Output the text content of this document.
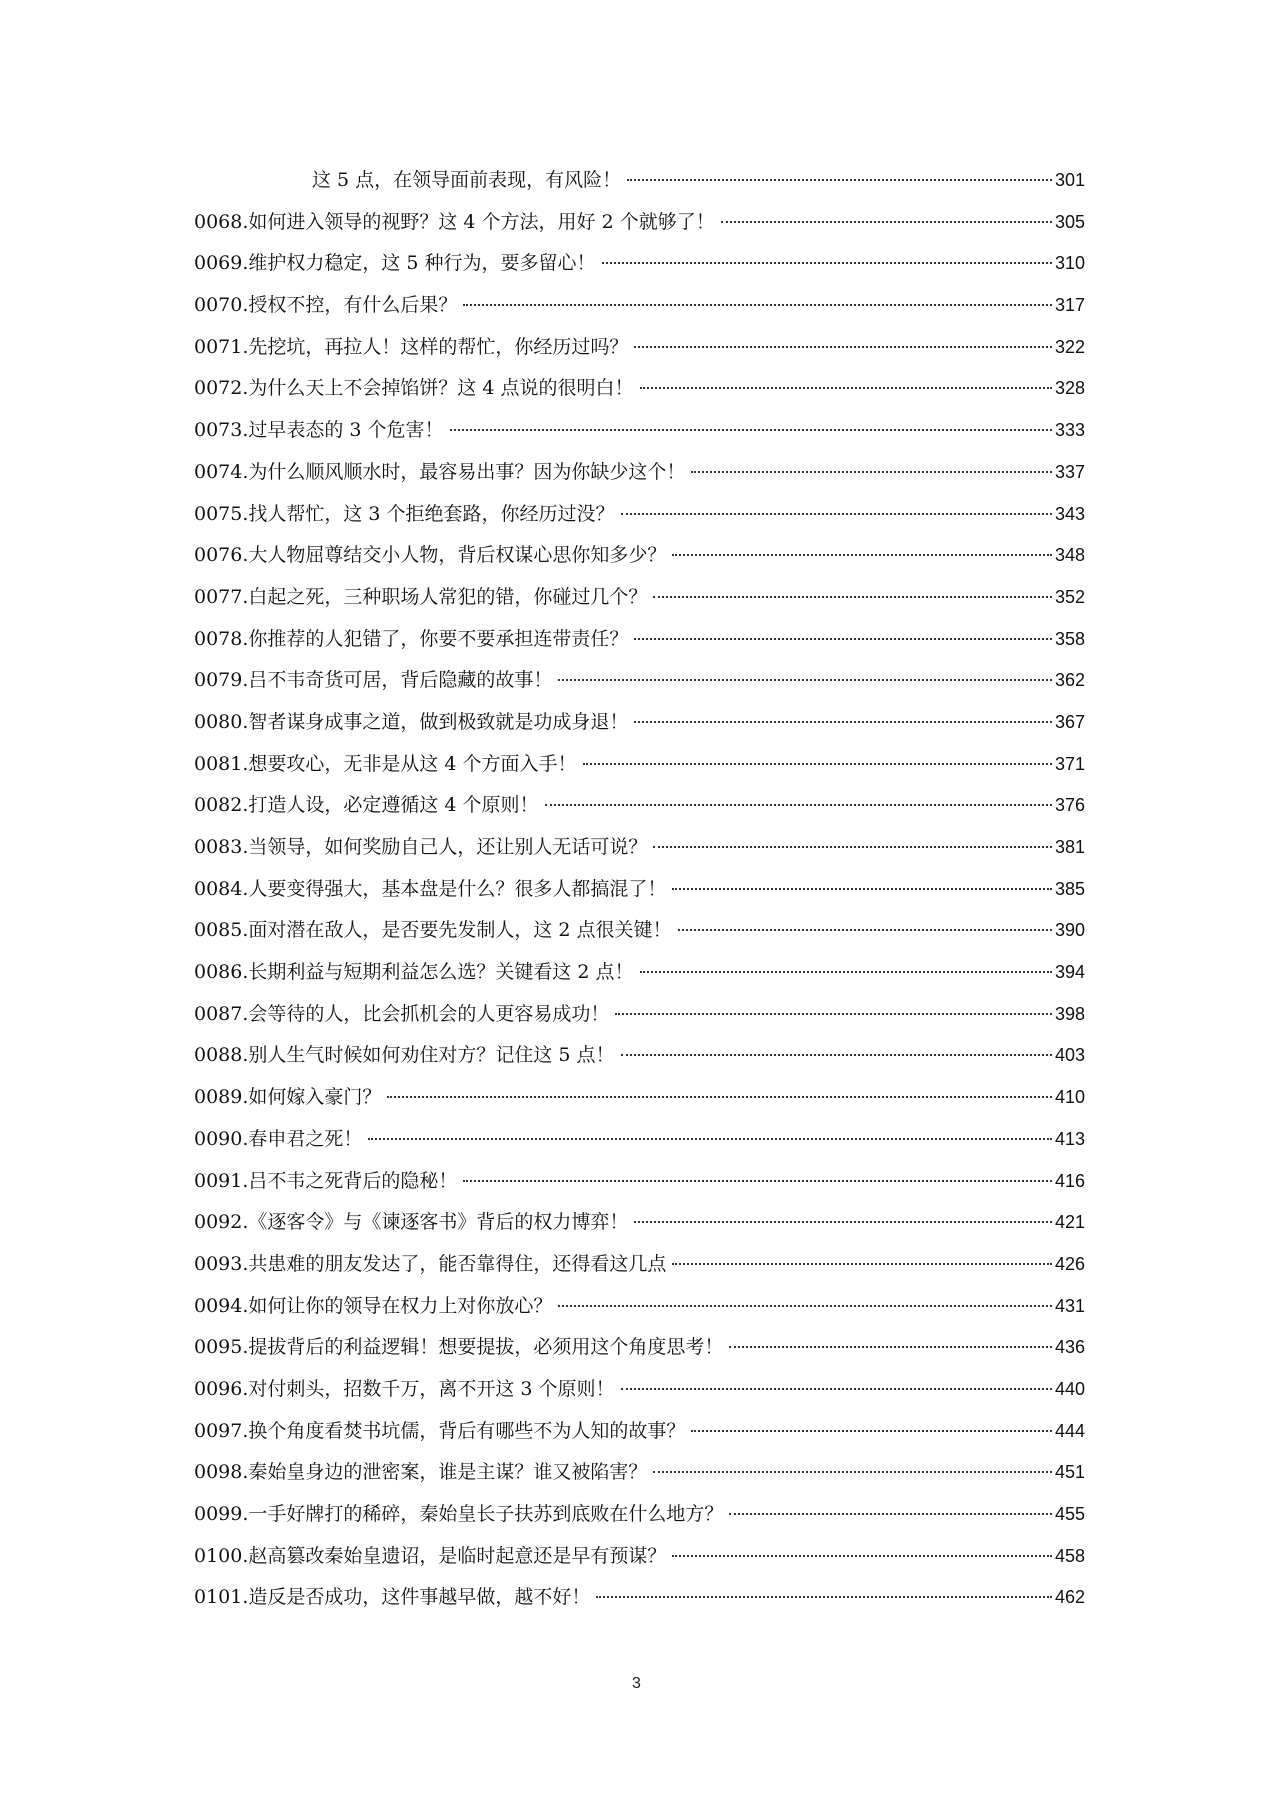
这 5 点，在领导面前表现，有风险！	301
0068.如何进入领导的视野？这 4 个方法，用好 2 个就够了！	305
0069.维护权力稳定，这 5 种行为，要多留心！	310
0070.授权不控，有什么后果？	317
0071.先挖坑，再拉人！这样的帮忙，你经历过吗？	322
0072.为什么天上不会掉馅饼？这 4 点说的很明白！	328
0073.过早表态的 3 个危害！	333
0074.为什么顺风顺水时，最容易出事？因为你缺少这个！	337
0075.找人帮忙，这 3 个拒绝套路，你经历过没？	343
0076.大人物屈尊结交小人物，背后权谋心思你知多少？	348
0077.白起之死，三种职场人常犯的错，你碰过几个？	352
0078.你推荐的人犯错了，你要不要承担连带责任？	358
0079.吕不韦奇货可居，背后隐藏的故事！	362
0080.智者谋身成事之道，做到极致就是功成身退！	367
0081.想要攻心，无非是从这 4 个方面入手！	371
0082.打造人设，必定遵循这 4 个原则！	376
0083.当领导，如何奖励自己人，还让别人无话可说？	381
0084.人要变得强大，基本盘是什么？很多人都搞混了！	385
0085.面对潜在敌人，是否要先发制人，这 2 点很关键！	390
0086.长期利益与短期利益怎么选？关键看这 2 点！	394
0087.会等待的人，比会抓机会的人更容易成功！	398
0088.别人生气时候如何劝住对方？记住这 5 点！	403
0089.如何嫁入豪门？	410
0090.春申君之死！	413
0091.吕不韦之死背后的隐秘！	416
0092.《逐客令》与《谏逐客书》背后的权力博弈！	421
0093.共患难的朋友发达了，能否靠得住，还得看这几点	426
0094.如何让你的领导在权力上对你放心？	431
0095.提拔背后的利益逻辑！想要提拔，必须用这个角度思考！	436
0096.对付刺头，招数千万，离不开这 3 个原则！	440
0097.换个角度看焚书坑儒，背后有哪些不为人知的故事？	444
0098.秦始皇身边的泄密案，谁是主谋？谁又被陷害？	451
0099.一手好牌打的稀碎，秦始皇长子扶苏到底败在什么地方？	455
0100.赵高篡改秦始皇遗诏，是临时起意还是早有预谋？	458
0101.造反是否成功，这件事越早做，越不好！	462
3
